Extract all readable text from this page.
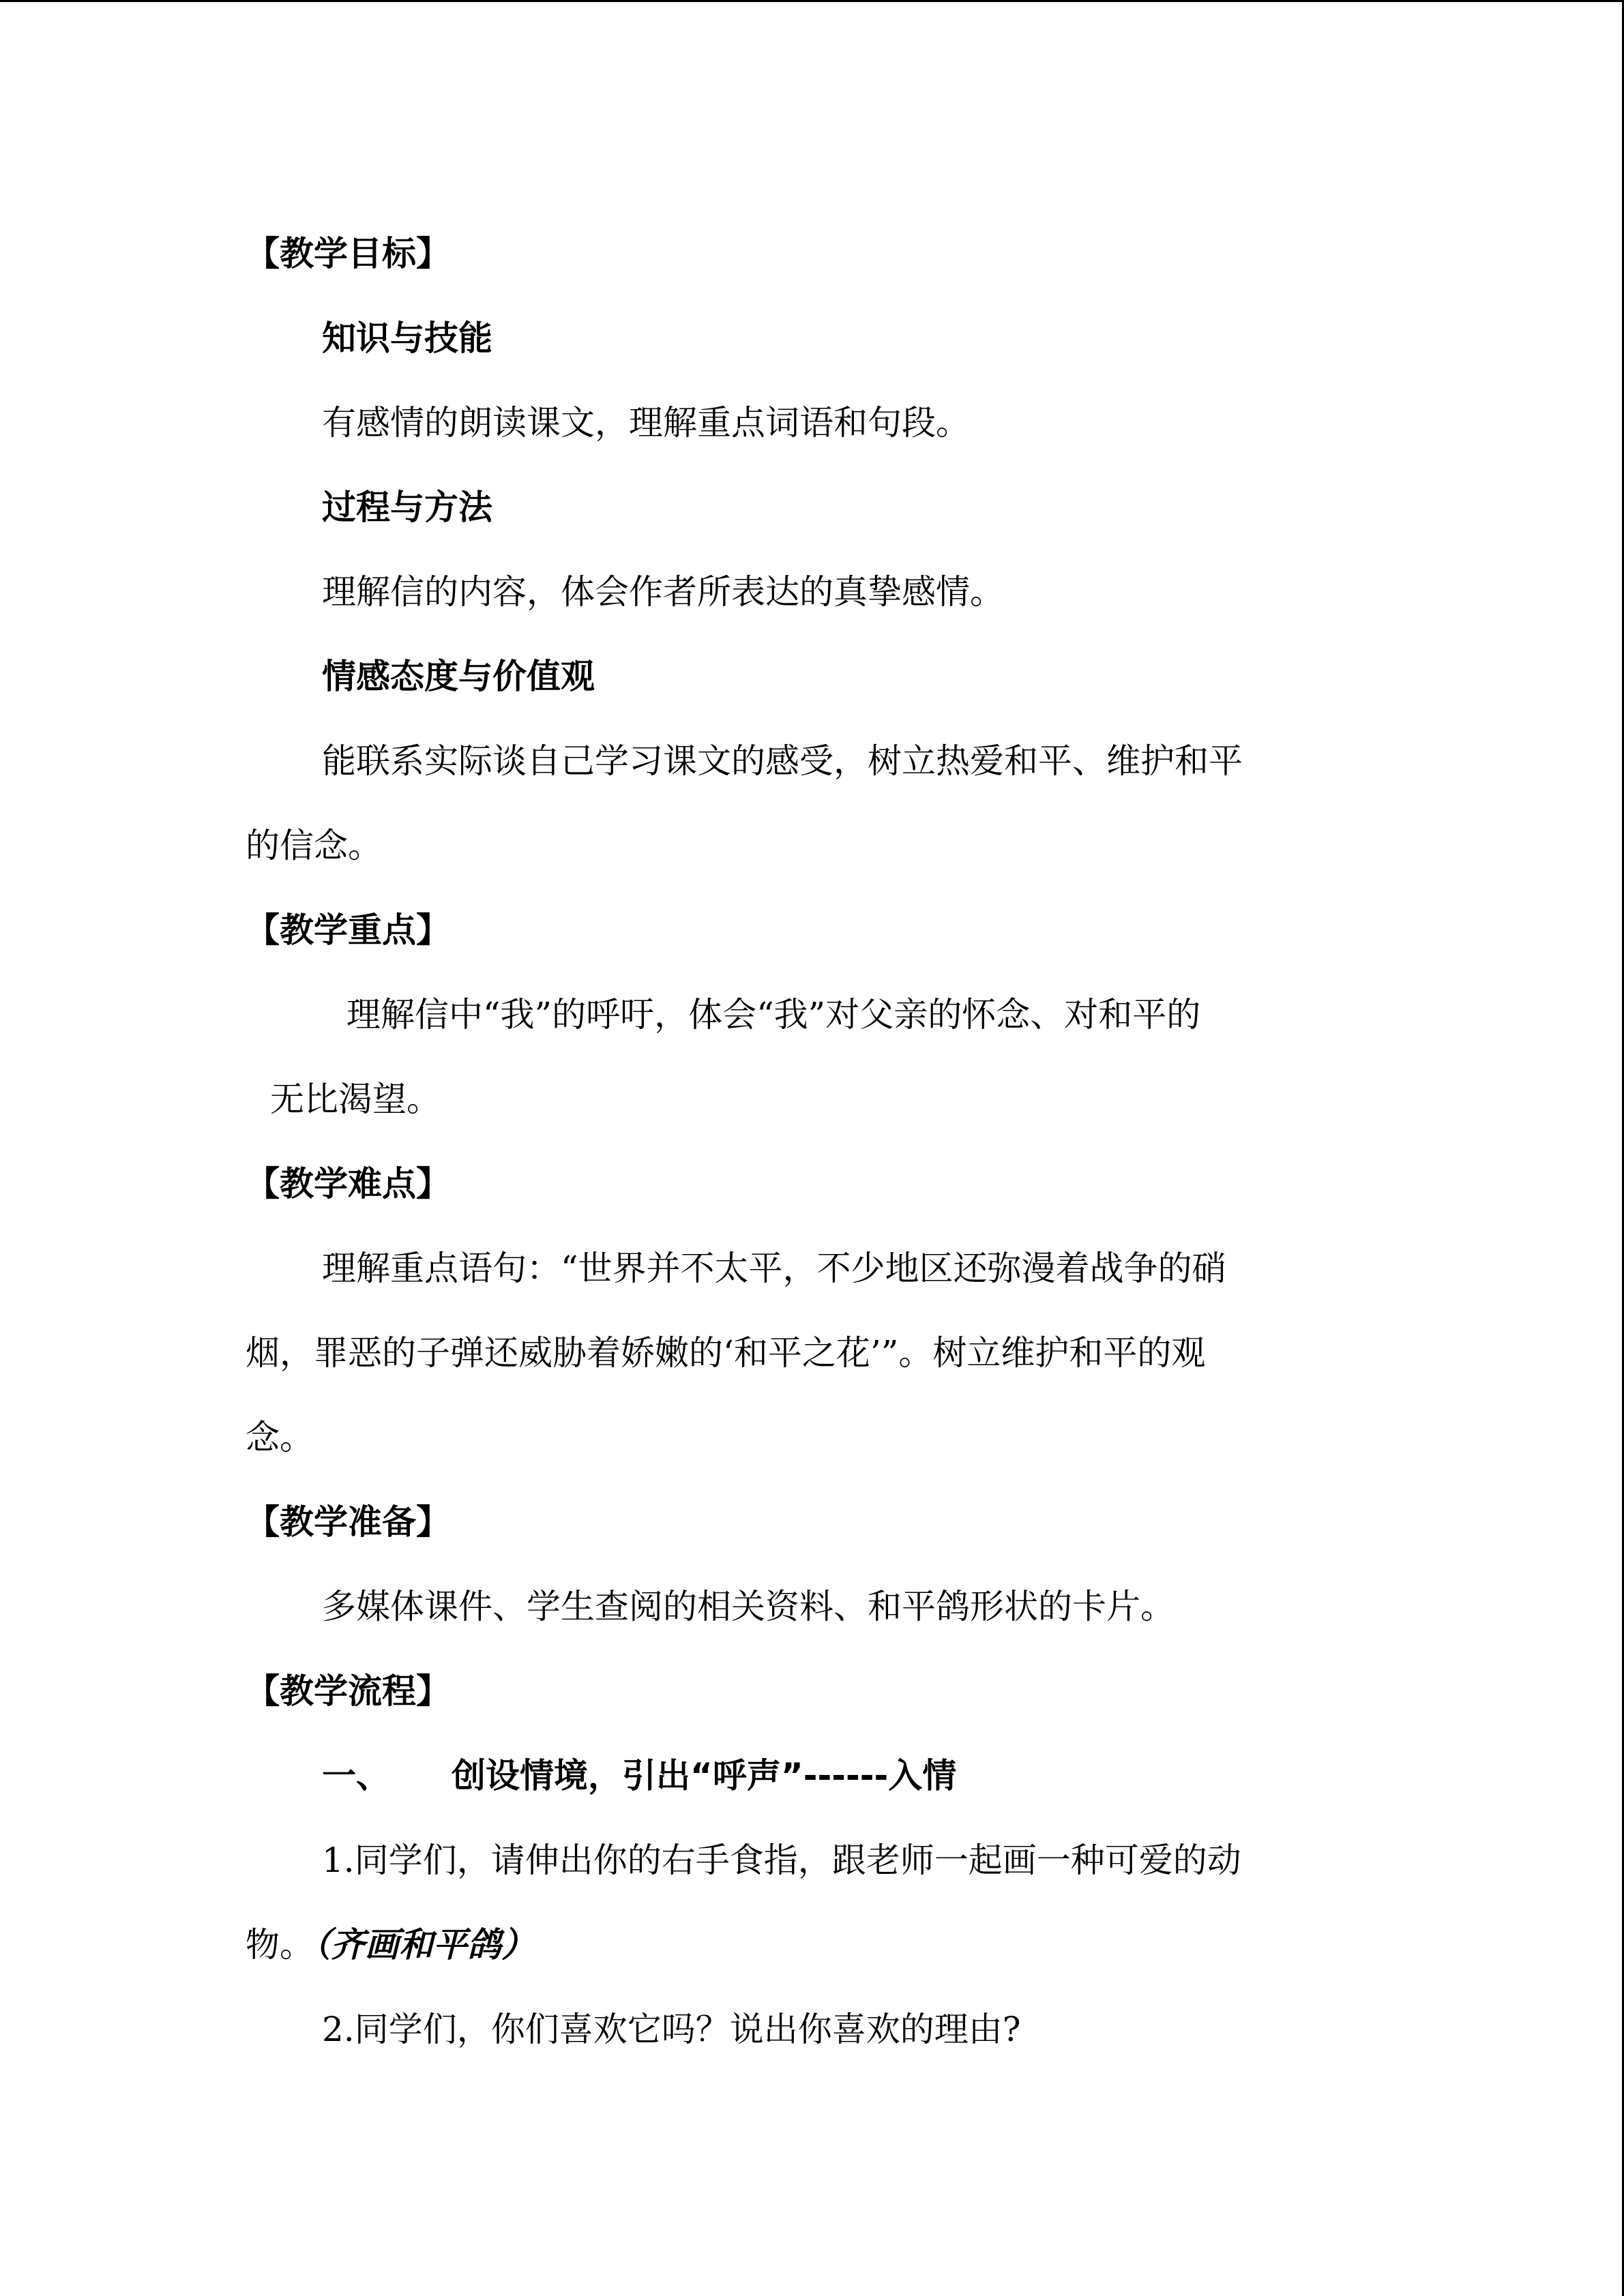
【教学目标】
知识与技能
有感情的朗读课文，理解重点词语和句段。
过程与方法
理解信的内容，体会作者所表达的真挚感情。
情感态度与价值观
能联系实际谈自己学习课文的感受，树立热爱和平、维护和平
的信念。
【教学重点】
理解信中“我”的呼吁，体会“我”对父亲的怀念、对和平的
无比渴望。
【教学难点】
理解重点语句：“世界并不太平，不少地区还弥漫着战争的硝
烟，罪恶的子弹还威胁着娇嫩的‘和平之花’”。树立维护和平的观
念。
【教学准备】
多媒体课件、学生查阅的相关资料、和平鸽形状的卡片。
【教学流程】
一、 创设情境，引出“呼声”------入情
1.同学们，请伸出你的右手食指，跟老师一起画一种可爱的动
物。（齐画和平鸽）
2.同学们，你们喜欢它吗？说出你喜欢的理由?
